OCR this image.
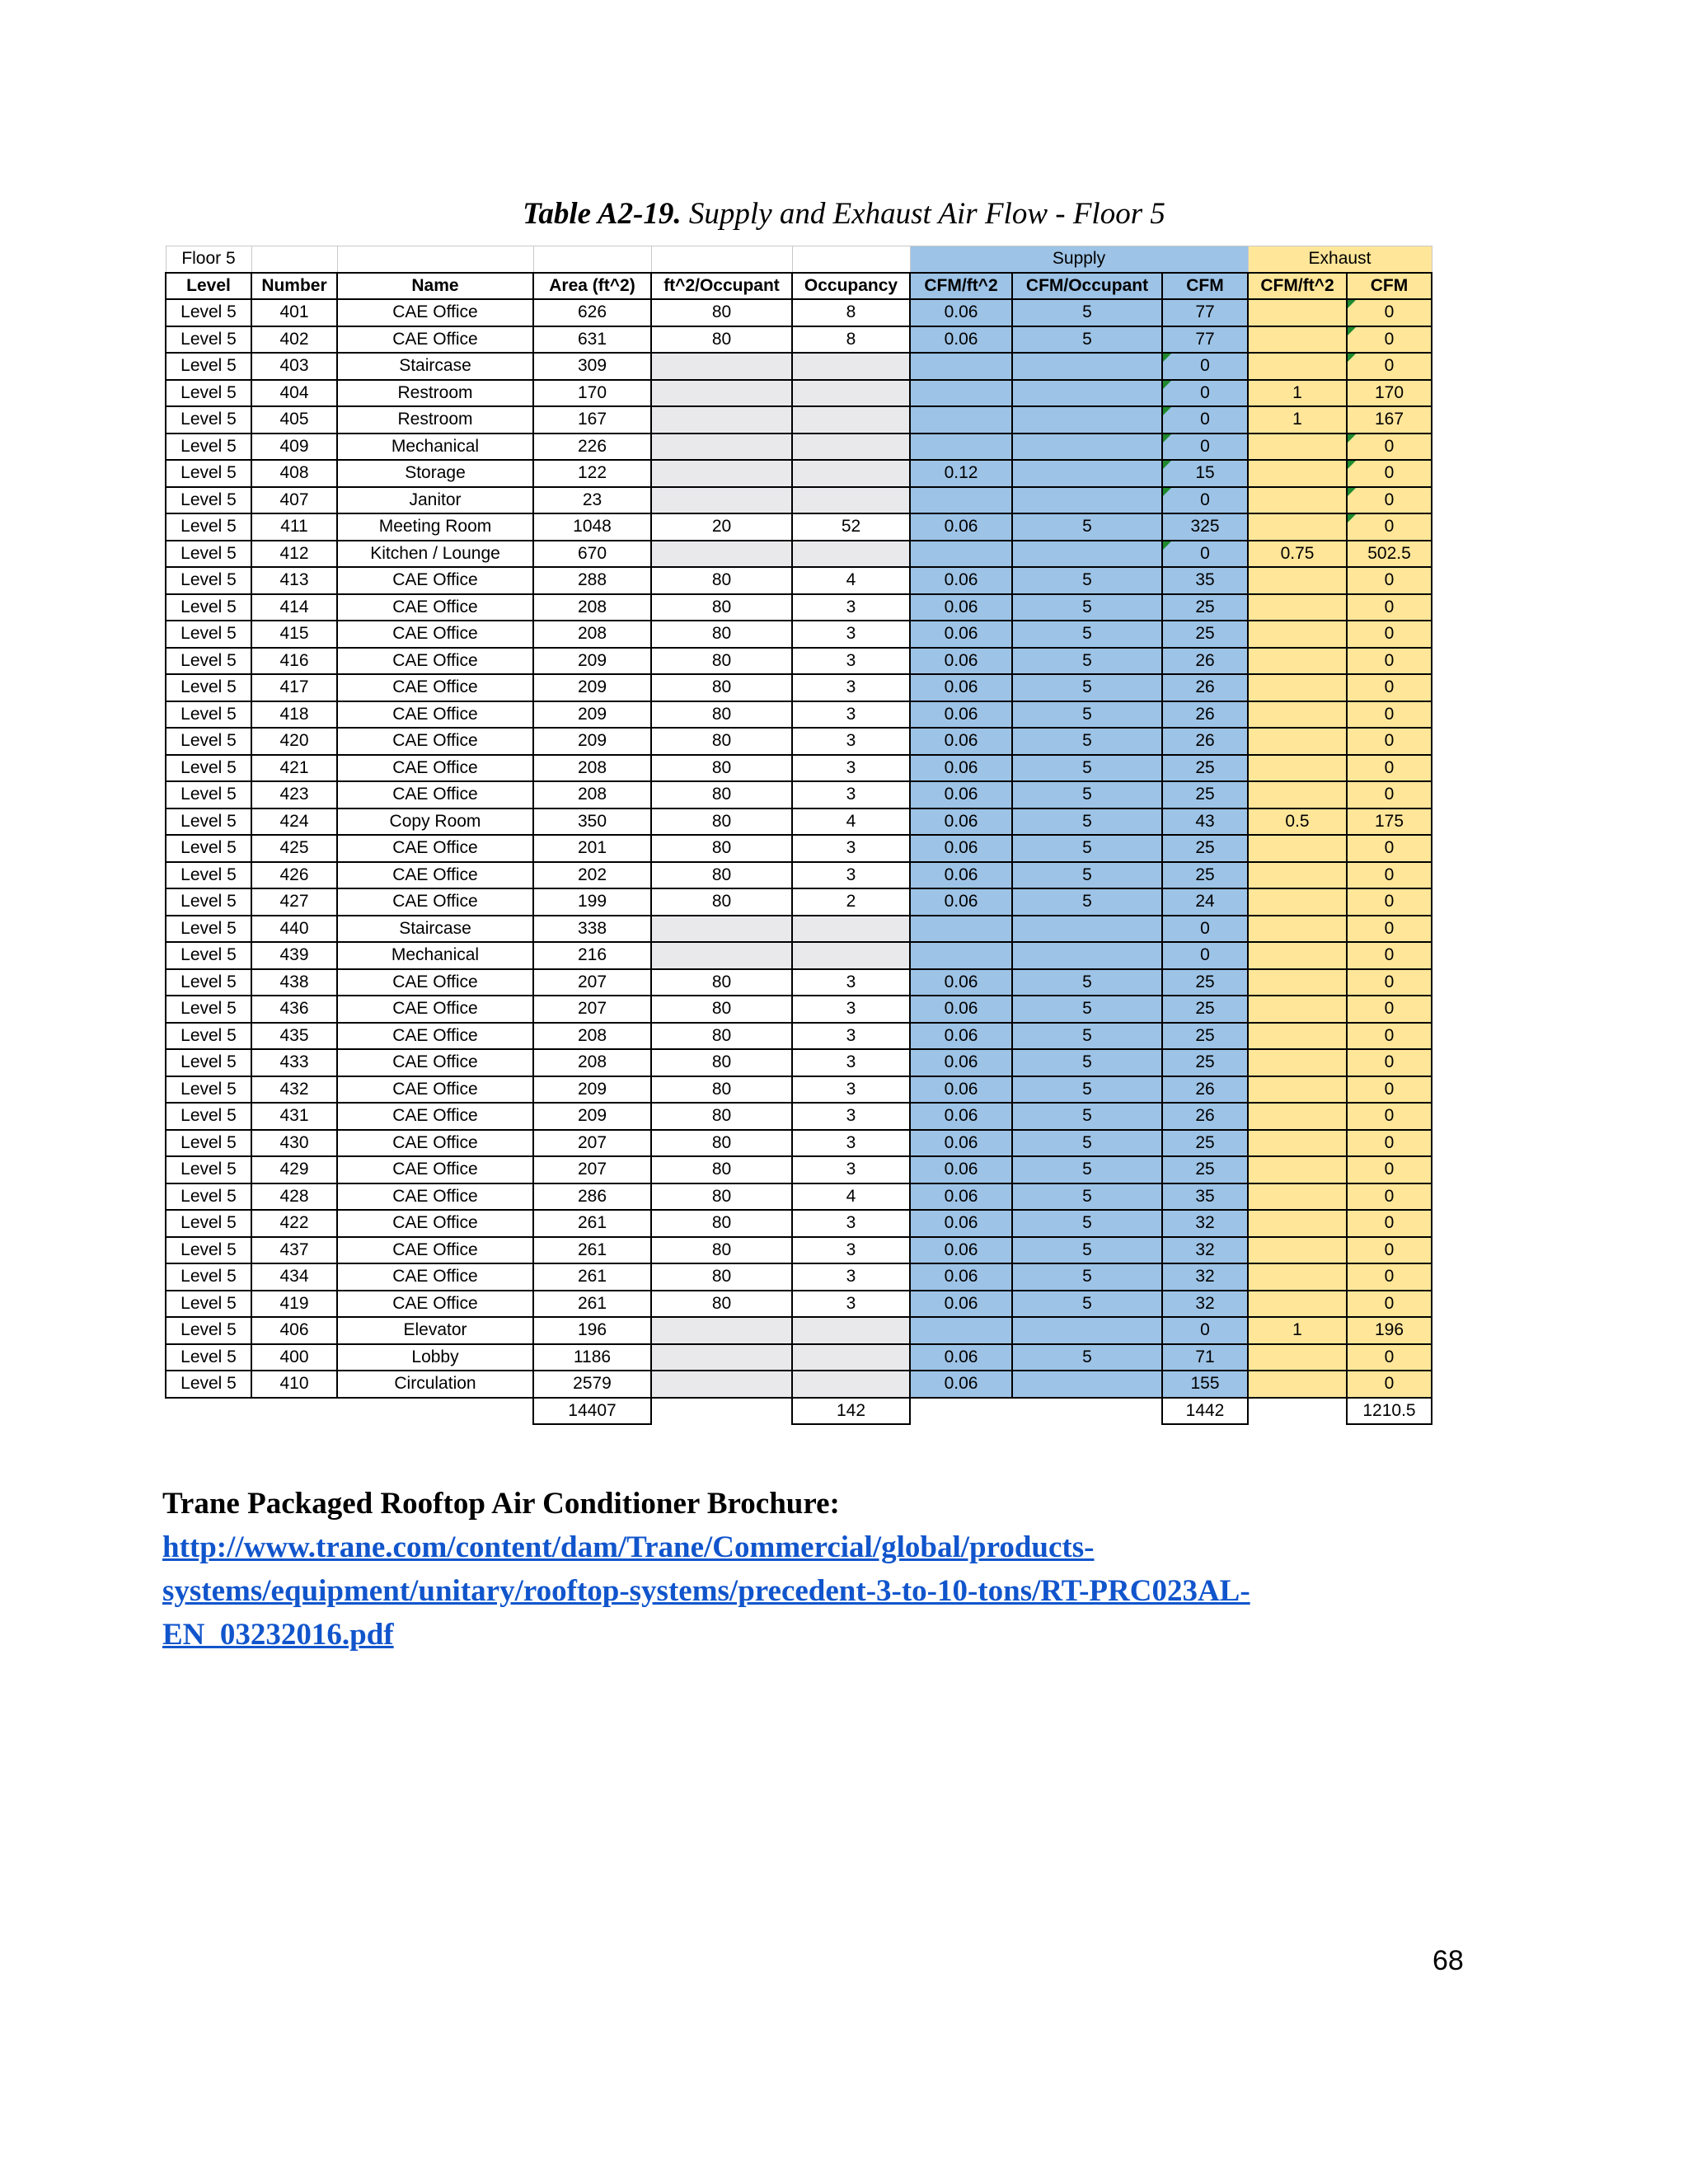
Table A2-19. Supply and Exhaust Air Flow - Floor 5
Floor 5						Supply			Exhaust	
Level	Number	Name	Area (ft^2)	ft^2/Occupant	Occupancy	CFM/ft^2	CFM/Occupant	CFM	CFM/ft^2	CFM
Level 5	401	CAE Office	626	80	8	0.06	5	77		0
Level 5	402	CAE Office	631	80	8	0.06	5	77		0
Level 5	403	Staircase	309					0		0
Level 5	404	Restroom	170					0	1	170
Level 5	405	Restroom	167					0	1	167
Level 5	409	Mechanical	226					0		0
Level 5	408	Storage	122			0.12		15		0
Level 5	407	Janitor	23					0		0
Level 5	411	Meeting Room	1048	20	52	0.06	5	325		0
Level 5	412	Kitchen / Lounge	670					0	0.75	502.5
Level 5	413	CAE Office	288	80	4	0.06	5	35		0
Level 5	414	CAE Office	208	80	3	0.06	5	25		0
Level 5	415	CAE Office	208	80	3	0.06	5	25		0
Level 5	416	CAE Office	209	80	3	0.06	5	26		0
Level 5	417	CAE Office	209	80	3	0.06	5	26		0
Level 5	418	CAE Office	209	80	3	0.06	5	26		0
Level 5	420	CAE Office	209	80	3	0.06	5	26		0
Level 5	421	CAE Office	208	80	3	0.06	5	25		0
Level 5	423	CAE Office	208	80	3	0.06	5	25		0
Level 5	424	Copy Room	350	80	4	0.06	5	43	0.5	175
Level 5	425	CAE Office	201	80	3	0.06	5	25		0
Level 5	426	CAE Office	202	80	3	0.06	5	25		0
Level 5	427	CAE Office	199	80	2	0.06	5	24		0
Level 5	440	Staircase	338					0		0
Level 5	439	Mechanical	216					0		0
Level 5	438	CAE Office	207	80	3	0.06	5	25		0
Level 5	436	CAE Office	207	80	3	0.06	5	25		0
Level 5	435	CAE Office	208	80	3	0.06	5	25		0
Level 5	433	CAE Office	208	80	3	0.06	5	25		0
Level 5	432	CAE Office	209	80	3	0.06	5	26		0
Level 5	431	CAE Office	209	80	3	0.06	5	26		0
Level 5	430	CAE Office	207	80	3	0.06	5	25		0
Level 5	429	CAE Office	207	80	3	0.06	5	25		0
Level 5	428	CAE Office	286	80	4	0.06	5	35		0
Level 5	422	CAE Office	261	80	3	0.06	5	32		0
Level 5	437	CAE Office	261	80	3	0.06	5	32		0
Level 5	434	CAE Office	261	80	3	0.06	5	32		0
Level 5	419	CAE Office	261	80	3	0.06	5	32		0
Level 5	406	Elevator	196					0	1	196
Level 5	400	Lobby	1186			0.06	5	71		0
Level 5	410	Circulation	2579			0.06		155		0
			14407		142			1442		1210.5
Trane Packaged Rooftop Air Conditioner Brochure:
http://www.trane.com/content/dam/Trane/Commercial/global/products-
systems/equipment/unitary/rooftop-systems/precedent-3-to-10-tons/RT-PRC023AL-
EN_03232016.pdf
68
